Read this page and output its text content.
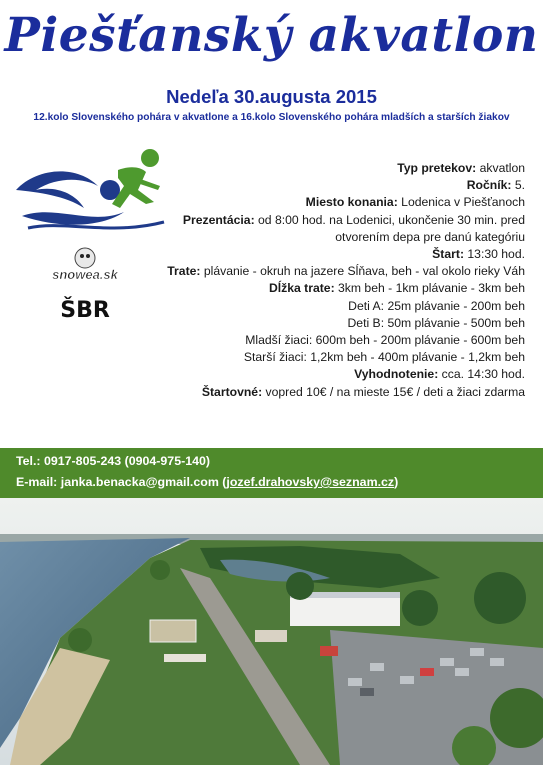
Piešťanský akvatlon
Nedeľa 30.augusta 2015
12.kolo Slovenského pohára v akvatlone a 16.kolo Slovenského pohára mladších a starších žiakov
snowea.sk
ŠBR
Typ pretekov: akvatlon
Ročník: 5.
Miesto konania: Lodenica v Piešťanoch
Prezentácia: od 8:00 hod. na Lodenici, ukončenie 30 min. pred
otvorením depa pre danú kategóriu
Štart: 13:30 hod.
Trate: plávanie - okruh na jazere Sĺňava, beh - val okolo rieky Váh
Dĺžka trate: 3km beh - 1km plávanie - 3km beh
Deti A: 25m plávanie - 200m beh
Deti B: 50m plávanie - 500m beh
Mladší žiaci: 600m beh - 200m plávanie - 600m beh
Starší žiaci: 1,2km beh - 400m plávanie - 1,2km beh
Vyhodnotenie: cca. 14:30 hod.
Štartovné: vopred 10€ / na mieste 15€ / deti a žiaci zdarma
Tel.: 0917-805-243 (0904-975-140)
E-mail: janka.benacka@gmail.com (jozef.drahovsky@seznam.cz)
